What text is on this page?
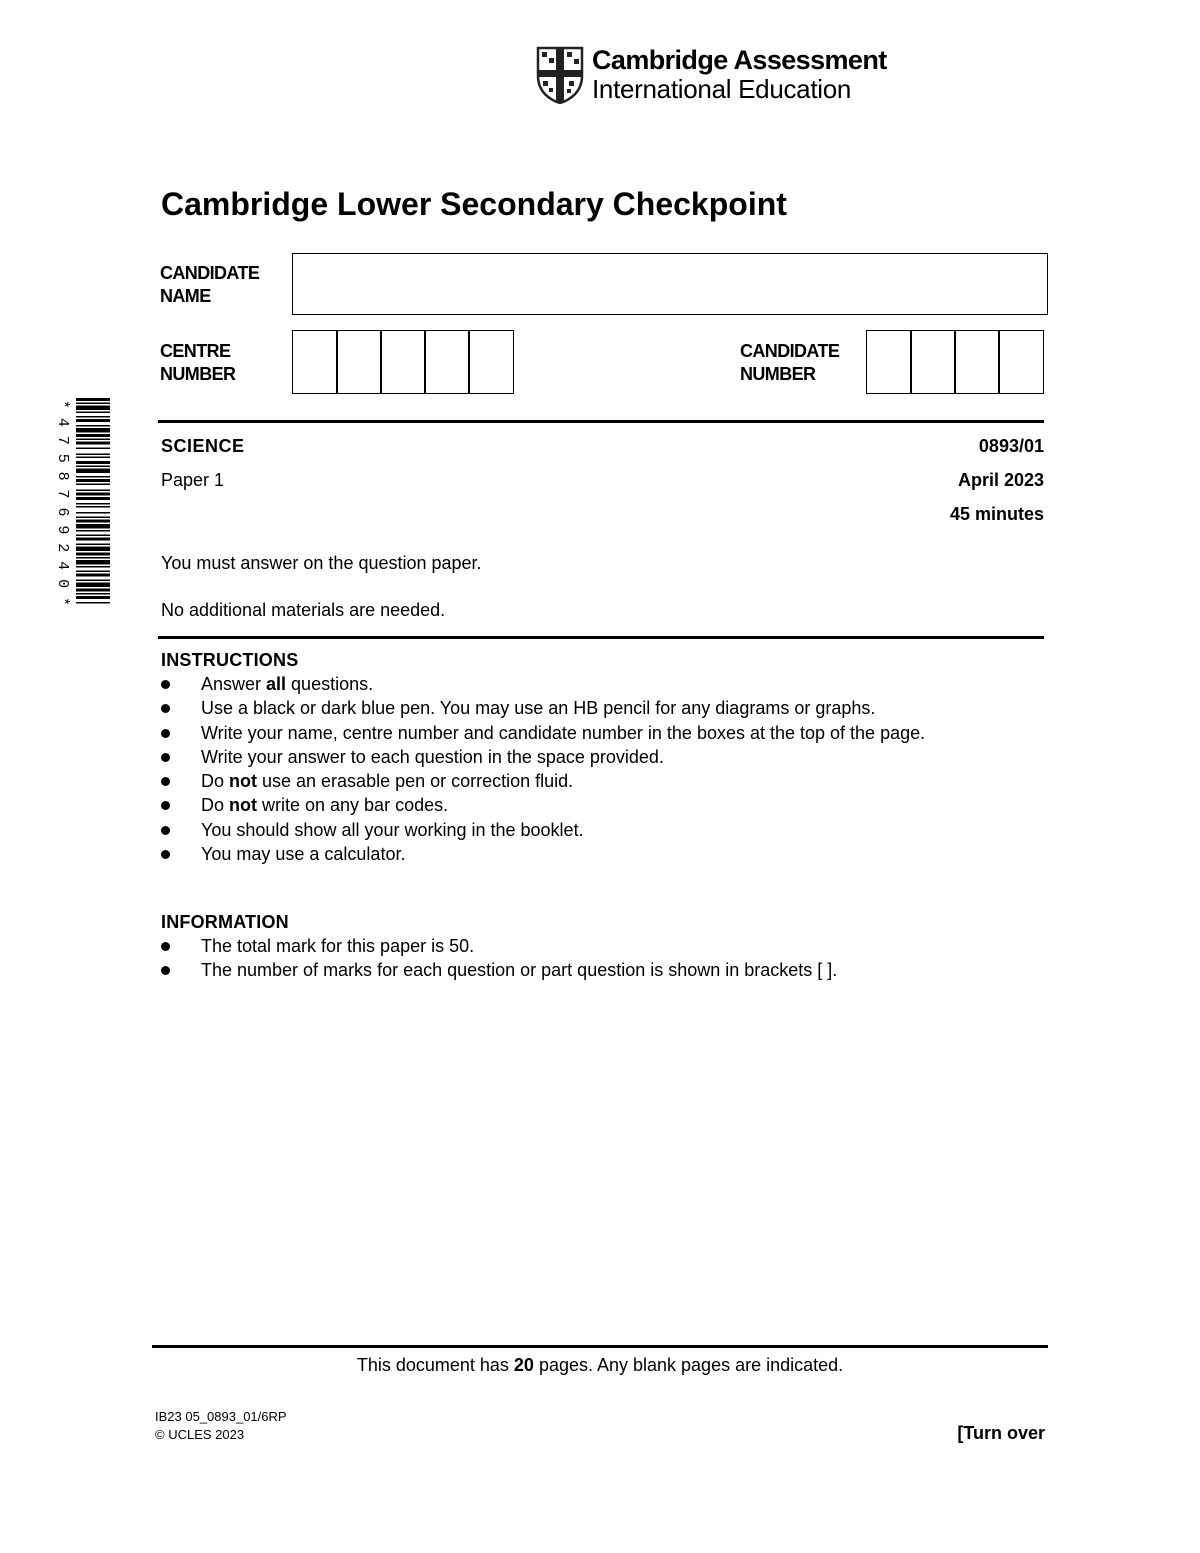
Cambridge Assessment
International Education
Cambridge Lower Secondary Checkpoint
CANDIDATE
NAME
CENTRE
NUMBER
CANDIDATE
NUMBER
SCIENCE
Paper 1
0893/01
April 2023
45 minutes
You must answer on the question paper.
No additional materials are needed.
INSTRUCTIONS
Answer all questions.
Use a black or dark blue pen. You may use an HB pencil for any diagrams or graphs.
Write your name, centre number and candidate number in the boxes at the top of the page.
Write your answer to each question in the space provided.
Do not use an erasable pen or correction fluid.
Do not write on any bar codes.
You should show all your working in the booklet.
You may use a calculator.
INFORMATION
The total mark for this paper is 50.
The number of marks for each question or part question is shown in brackets [ ].
*4758769240*
This document has 20 pages. Any blank pages are indicated.
IB23 05_0893_01/6RP
© UCLES 2023	[Turn over
